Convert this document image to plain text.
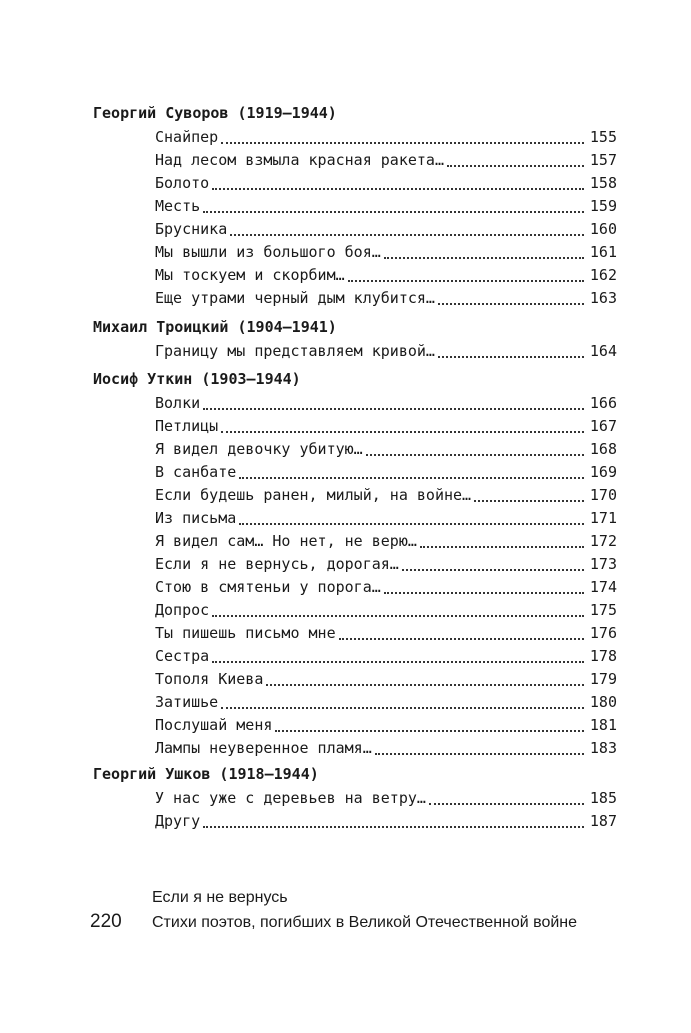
Георгий Суворов (1919–1944)
Снайпер	155
Над лесом взмыла красная ракета…	157
Болото	158
Месть	159
Брусника	160
Мы вышли из большого боя…	161
Мы тоскуем и скорбим…	162
Еще утрами черный дым клубится…	163
Михаил Троицкий (1904–1941)
Границу мы представляем кривой…	164
Иосиф Уткин (1903–1944)
Волки	166
Петлицы	167
Я видел девочку убитую…	168
В санбате	169
Если будешь ранен, милый, на войне…	170
Из письма	171
Я видел сам… Но нет, не верю…	172
Если я не вернусь, дорогая…	173
Стою в смятеньи у порога…	174
Допрос	175
Ты пишешь письмо мне	176
Сестра	178
Тополя Киева	179
Затишье	180
Послушай меня	181
Лампы неуверенное пламя…	183
Георгий Ушков (1918–1944)
У нас уже с деревьев на ветру…	185
Другу	187
Если я не вернусь
220 Стихи поэтов, погибших в Великой Отечественной войне
